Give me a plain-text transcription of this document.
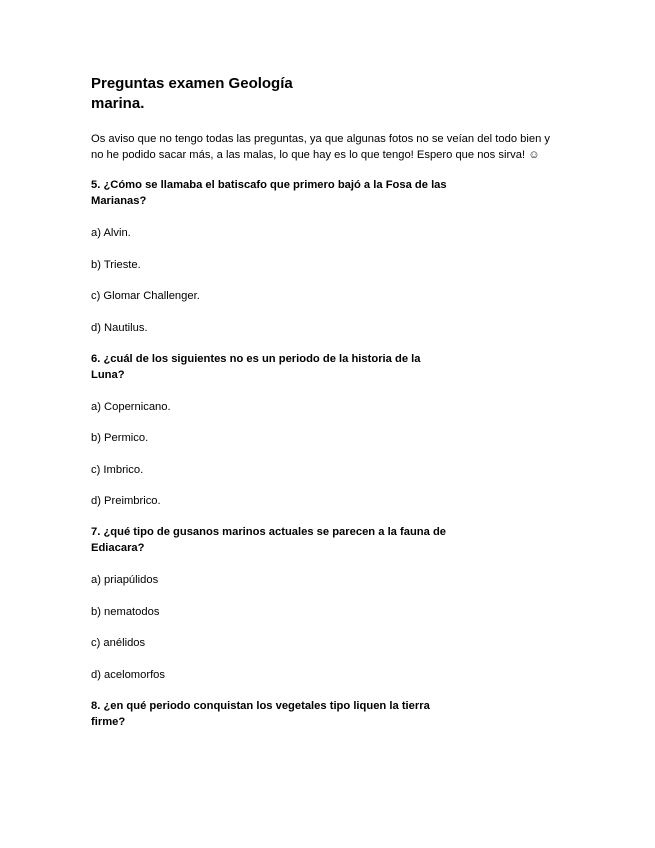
Preguntas examen Geología
marina.

Os aviso que no tengo todas las preguntas, ya que algunas fotos no se veían del todo bien y no he podido sacar más, a las malas, lo que hay es lo que tengo! Espero que nos sirva! ☺

5. ¿Cómo se llamaba el batiscafo que primero bajó a la Fosa de las Marianas?

a) Alvin.

b) Trieste.

c) Glomar Challenger.

d) Nautilus.

6. ¿cuál de los siguientes no es un periodo de la historia de la Luna?

a) Copernicano.

b) Permico.

c) Imbrico.

d) Preimbrico.

7. ¿qué tipo de gusanos marinos actuales se parecen a la fauna de Ediacara?

a) priapúlidos

b) nematodos

c) anélidos

d) acelomorfos

8. ¿en qué periodo conquistan los vegetales tipo liquen la tierra firme?
